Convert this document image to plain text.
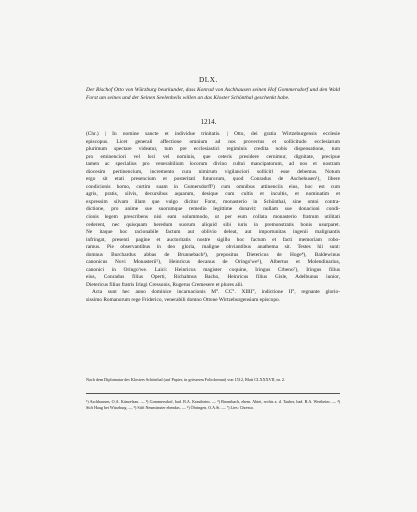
DLX.
Der Bischof Otto von Würzburg beurkundet, dass Konrad von Aschhausen seinen Hof Gommersdorf und den Wald Forst um seines und der Seinen Seelenheils willen an das Kloster Schönthal geschenkt habe.
1214.
(Chr.) | In nomine sancte et individue trinitatis. | Otto, dei gratia Wirtzeburgensis ecclesie
episcopus. Licet generali affectione omnium ad nos provectus et sollicitudo ecclesiarum
plurimum spectare videatur, tum pre ecclesiastici regiminis credita nobis dispensatione, tum
pro eminenciori vel loci vel nominis, que ceteris presidere cernimur, dignitate, precipue
tamen ac specialius pro venerabilium locorum divino cultui mancipatorum, ad nos et nostram
diocesim pertinencium, incremento cura nimirum vigilanciori sollicitl esse debemus. Notum
ergo sit etati presencium et posteritati futurorum, quod Conradus de Aschehusen¹), libere
condicionis homo, curtim suam in Gumersdorff²) cum omnibus attinenciis eius, hoc est cum
agris, pratis, silvis, decursibus aquarum, desique cum cultis et incultis, et nominatim et
expressim silvam illam que vulgo dicitur Forst, monasterio in Schönthal, sine omni contra-
dictione, pro anime sue suorumque remedio legittime donavit: nullam sue donacioni condi-
cionis legem prescribens nisi eam solummodo, ut per eum collata monasterio fratrum utilitati
cederent, nec quisquam heredum suorum aliquid sibi iuris in premonstratis bonis usurparet.
Ne itaque hoc racionabile factum aut oblivio deleat, aut importunitas ingenii malignantis
infringat, presenti pagine et auctoritatis nostre sigillo hoc factum et facti memoriam robo-
ramus. Pie observantibus in deo gloria, maligne obviantibus anathema sit. Testes hii sunt:
domnus Burchardus abbas de Brunnebach³), prepositus Dietericus de Hoge⁴), Baldewinus
canonicus Novi Monasterii⁵), Heinricus decanus de Oringo'we⁶), Albertus et Molendinarius,
canonici in Oringo'we. Laici: Heinricus magister coquine, Iringus Crbeno⁷), Iringus filius
eius, Conradus filius Operti, Richalmus Bacho, Heinricus filius Gisle, Adelbunus iunior,
Dietericus filius fratris Iringi Cressonis, Rugerus Cremesere et plures alii.
Acta sunt hec anno dominice incarnacionis M°. CC°. XIIII°, indictione II°, regnante glorio-
sissimo Romanorum rege Friderico, venerabili domno Ottone Wirtzeburgensium episcopo.
Nach dem Diplomatar des Klosters Schönthal (auf Papier, in grösserm Folioformat) von 1512, Blatt CLXXXVII, nr. 2.
¹) Aschhausen, O.A. Künzelsau. — ²) Gommersdorf, bad. B.A. Krautheim. — ³) Bronnbach, ehem. Abtei, rechts a. d. Tauber, bad. B.A. Wertheim. — ⁴) Stift Haug bei Würzburg. — ⁵) Stift Neumünster ebendas. — ⁶) Öhringen, O.A.St. — ⁷) Lies: Chresso.
